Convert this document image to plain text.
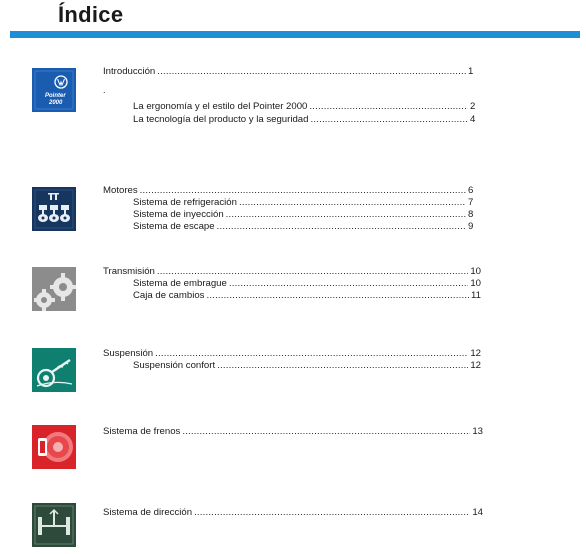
Índice
Pointer
2000
Introducción .....	1
.
La ergonomía y el estilo del Pointer 2000 .....	2
La tecnología del producto y la seguridad .....	4
Motores .....	6
Sistema de refrigeración .....	7
Sistema de inyección .....	8
Sistema de escape .....	9
Transmisión .....	10
Sistema de embrague .....	10
Caja de cambios .....	11
Suspensión .....	12
Suspensión confort .....	12
Sistema de frenos .....	13
Sistema de dirección .....	14
